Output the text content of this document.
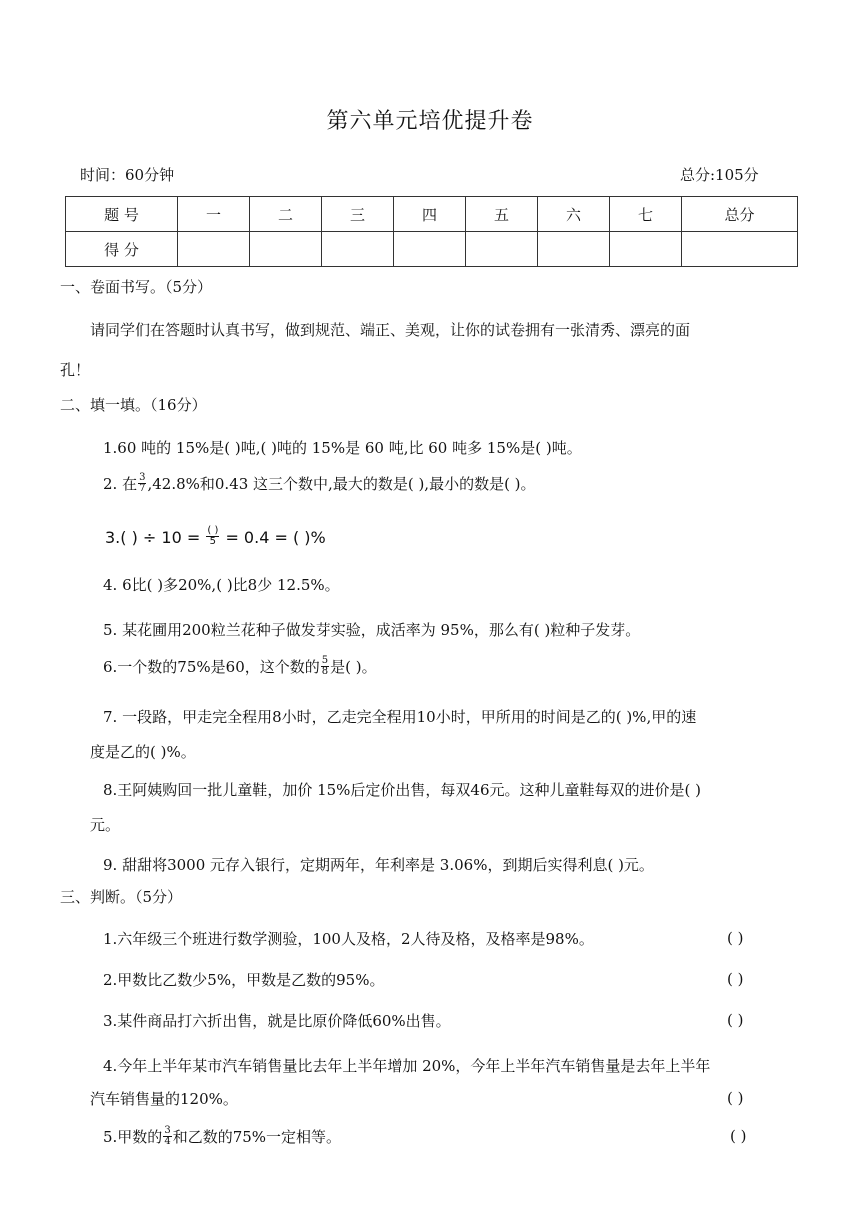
第六单元培优提升卷
时间：60分钟	总分:105分
题 号	一	二	三	四	五	六	七	总分
得 分								
一、卷面书写。（5分）
请同学们在答题时认真书写，做到规范、端正、美观，让你的试卷拥有一张清秀、漂亮的面
孔！
二、填一填。（16分）
1.60 吨的 15%是( )吨,( )吨的 15%是 60 吨,比 60 吨多 15%是( )吨。
2. 在 $\frac{3}{7} ,42.8\%$和0.43 这三个数中,最大的数是( ),最小的数是( )。
3.( ) ÷ $10 = \frac{( )}{5} = 0.4$ = ( )%
4. 6比( )多20%,( )比8少 12.5%。
5. 某花圃用200粒兰花种子做发芽实验，成活率为 95%，那么有( )粒种子发芽。
6.一个数的75%是60，这个数的 $\frac{5}{8}$ 是( )。
7. 一段路，甲走完全程用8小时，乙走完全程用10小时，甲所用的时间是乙的( )%,甲的速
度是乙的( )%。
8.王阿姨购回一批儿童鞋，加价 15%后定价出售，每双46元。这种儿童鞋每双的进价是( )
元。
9. 甜甜将3000 元存入银行，定期两年，年利率是 3.06%，到期后实得利息( )元。
三、判断。（5分）
1.六年级三个班进行数学测验，100人及格，2人待及格，及格率是98%。	( )
2.甲数比乙数少5%，甲数是乙数的95%。	( )
3.某件商品打六折出售，就是比原价降低60%出售。	( )
4.今年上半年某市汽车销售量比去年上半年增加 20%，今年上半年汽车销售量是去年上半年
汽车销售量的120%。	( )
5.甲数的 $\frac{3}{4}$ 和乙数的75%一定相等。	( )
